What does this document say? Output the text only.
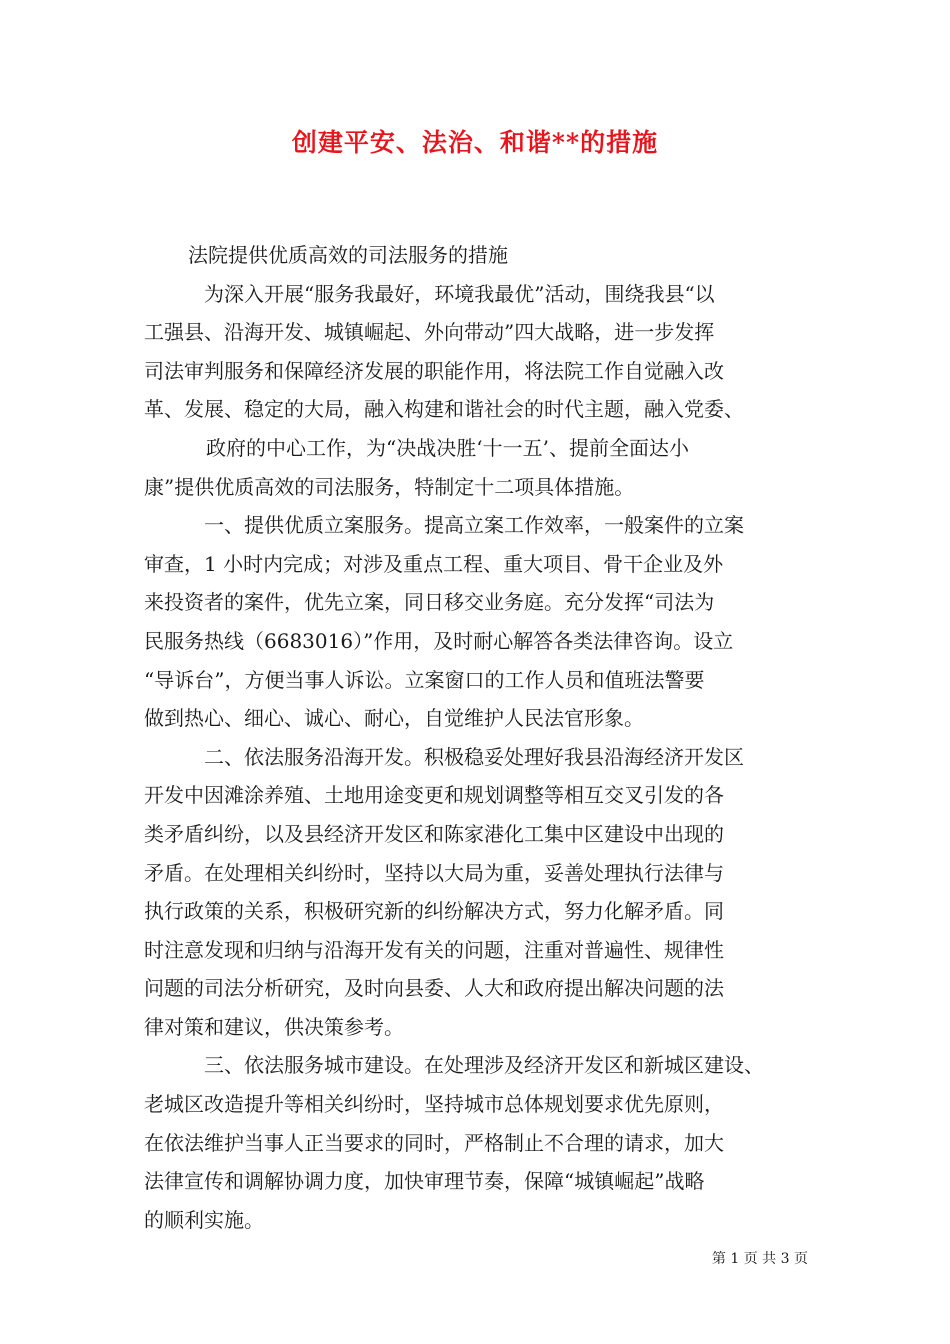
创建平安、法治、和谐**的措施
法院提供优质高效的司法服务的措施
为深入开展“服务我最好，环境我最优”活动，围绕我县“以
工强县、沿海开发、城镇崛起、外向带动”四大战略，进一步发挥
司法审判服务和保障经济发展的职能作用，将法院工作自觉融入改
革、发展、稳定的大局，融入构建和谐社会的时代主题，融入党委、
政府的中心工作，为“决战决胜‘十一五’、提前全面达小
康”提供优质高效的司法服务，特制定十二项具体措施。
一、提供优质立案服务。提高立案工作效率，一般案件的立案
审查，1 小时内完成；对涉及重点工程、重大项目、骨干企业及外
来投资者的案件，优先立案，同日移交业务庭。充分发挥“司法为
民服务热线（6683016）”作用，及时耐心解答各类法律咨询。设立
“导诉台”，方便当事人诉讼。立案窗口的工作人员和值班法警要
做到热心、细心、诚心、耐心，自觉维护人民法官形象。
二、依法服务沿海开发。积极稳妥处理好我县沿海经济开发区
开发中因滩涂养殖、土地用途变更和规划调整等相互交叉引发的各
类矛盾纠纷，以及县经济开发区和陈家港化工集中区建设中出现的
矛盾。在处理相关纠纷时，坚持以大局为重，妥善处理执行法律与
执行政策的关系，积极研究新的纠纷解决方式，努力化解矛盾。同
时注意发现和归纳与沿海开发有关的问题，注重对普遍性、规律性
问题的司法分析研究，及时向县委、人大和政府提出解决问题的法
律对策和建议，供决策参考。
三、依法服务城市建设。在处理涉及经济开发区和新城区建设、
老城区改造提升等相关纠纷时，坚持城市总体规划要求优先原则，
在依法维护当事人正当要求的同时，严格制止不合理的请求，加大
法律宣传和调解协调力度，加快审理节奏，保障“城镇崛起”战略
的顺利实施。
第 1 页 共 3 页
